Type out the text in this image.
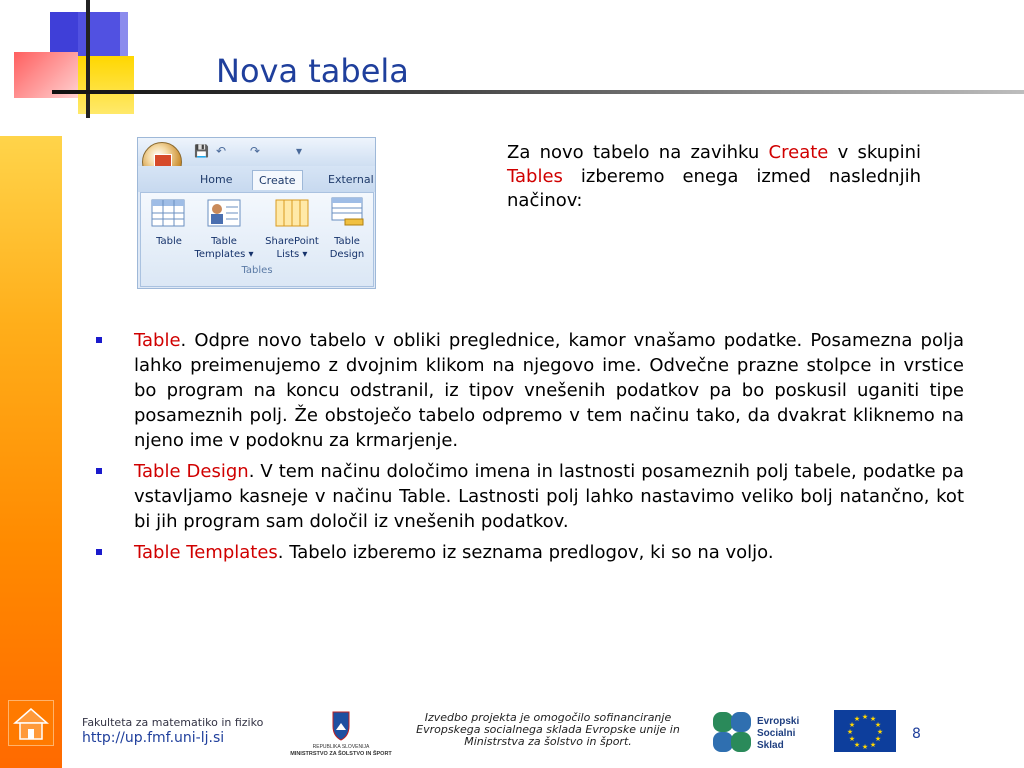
Nova tabela
💾 ↶ ↷	▾
Home	Create	External
Table	Table
Templates ▾
SharePoint
Lists ▾
Table
Design
Tables
Za novo tabelo na zavihku Create v skupini Tables izberemo enega izmed naslednjih načinov:
Table. Odpre novo tabelo v obliki preglednice, kamor vnašamo podatke. Posamezna polja lahko preimenujemo z dvojnim klikom na njegovo ime. Odvečne prazne stolpce in vrstice bo program na koncu odstranil, iz tipov vnešenih podatkov pa bo poskusil uganiti tipe posameznih polj. Že obstoječo tabelo odpremo v tem načinu tako, da dvakrat kliknemo na njeno ime v podoknu za krmarjenje.
Table Design. V tem načinu določimo imena in lastnosti posameznih polj tabele, podatke pa vstavljamo kasneje v načinu Table. Lastnosti polj lahko nastavimo veliko bolj natančno, kot bi jih program sam določil iz vnešenih podatkov.
Table Templates. Tabelo izberemo iz seznama predlogov, ki so na voljo.
Fakulteta za matematiko in fiziko
http://up.fmf.uni-lj.si
REPUBLIKA SLOVENIJA
MINISTRSTVO ZA ŠOLSTVO IN ŠPORT
Izvedbo projekta je omogočilo sofinanciranje Evropskega socialnega sklada Evropske unije in Ministrstva za šolstvo in šport.
Evropski
Socialni
Sklad
★ ★
★
★
★
★
★
★
★
★
★
★
8
